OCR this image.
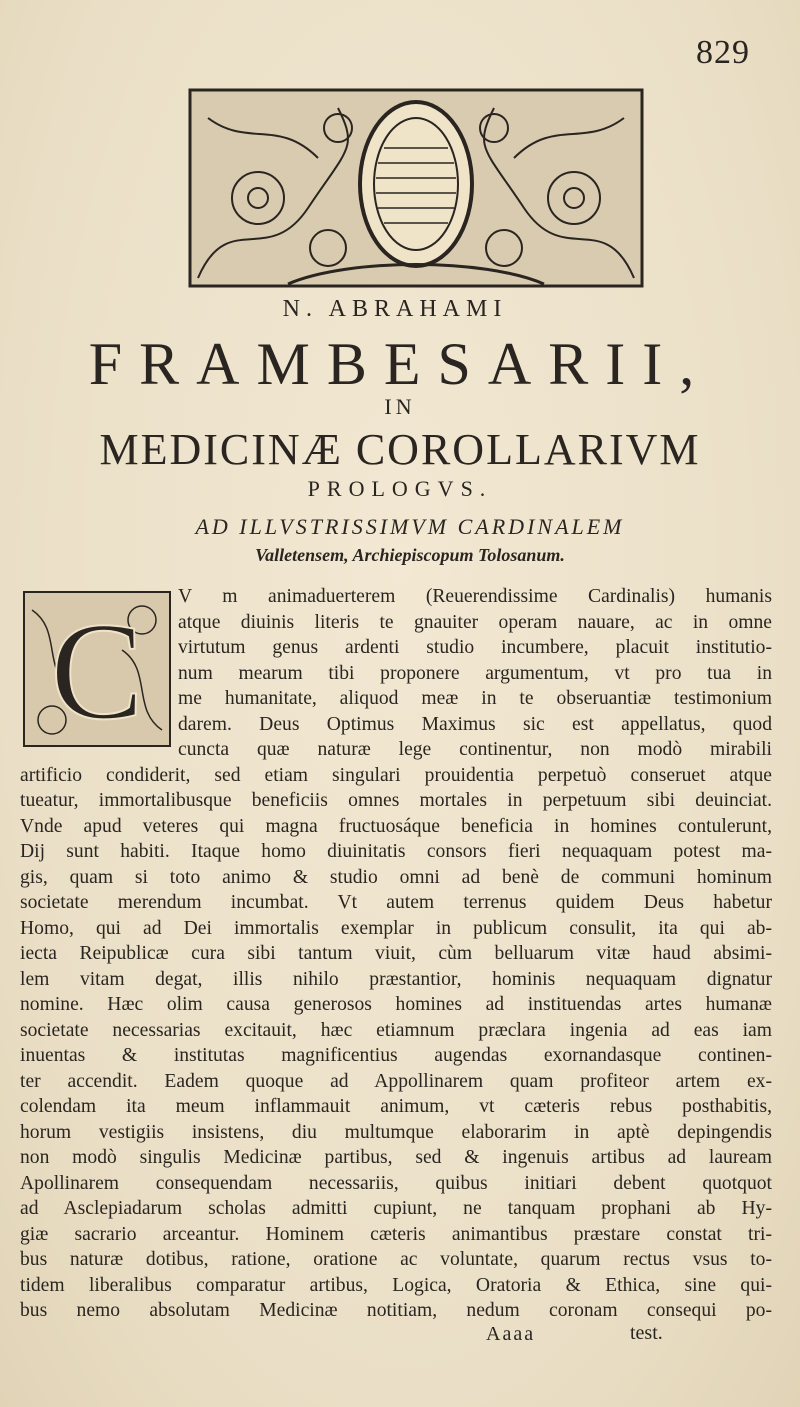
829
N. ABRAHAMI
FRAMBESARII,
IN
MEDICINÆ COROLLARIVM
PROLOGVS.
AD ILLVSTRISSIMVM CARDINALEM
Valletensem, Archiepiscopum Tolosanum.
C V m animaduerterem (Reuerendissime Cardinalis) humanis
atque diuinis literis te gnauiter operam nauare, ac in omne
virtutum genus ardenti studio incumbere, placuit institutio-
num mearum tibi proponere argumentum, vt pro tua in
me humanitate, aliquod meæ in te obseruantiæ testimonium
darem. Deus Optimus Maximus sic est appellatus, quod
cuncta quæ naturæ lege continentur, non modò mirabili
artificio condiderit, sed etiam singulari prouidentia perpetuò conseruet atque
tueatur, immortalibusque beneficiis omnes mortales in perpetuum sibi deuinciat.
Vnde apud veteres qui magna fructuosáque beneficia in homines contulerunt,
Dij sunt habiti. Itaque homo diuinitatis consors fieri nequaquam potest ma-
gis, quam si toto animo & studio omni ad benè de communi hominum
societate merendum incumbat. Vt autem terrenus quidem Deus habetur
Homo, qui ad Dei immortalis exemplar in publicum consulit, ita qui ab-
iecta Reipublicæ cura sibi tantum viuit, cùm belluarum vitæ haud absimi-
lem vitam degat, illis nihilo præstantior, hominis nequaquam dignatur
nomine. Hæc olim causa generosos homines ad instituendas artes humanæ
societate necessarias excitauit, hæc etiamnum præclara ingenia ad eas iam
inuentas & institutas magnificentius augendas exornandasque continen-
ter accendit. Eadem quoque ad Appollinarem quam profiteor artem ex-
colendam ita meum inflammauit animum, vt cæteris rebus posthabitis,
horum vestigiis insistens, diu multumque elaborarim in aptè depingendis
non modò singulis Medicinæ partibus, sed & ingenuis artibus ad lauream
Apollinarem consequendam necessariis, quibus initiari debent quotquot
ad Asclepiadarum scholas admitti cupiunt, ne tanquam prophani ab Hy-
giæ sacrario arceantur. Hominem cæteris animantibus præstare constat tri-
bus naturæ dotibus, ratione, oratione ac voluntate, quarum rectus vsus to-
tidem liberalibus comparatur artibus, Logica, Oratoria & Ethica, sine qui-
bus nemo absolutam Medicinæ notitiam, nedum coronam consequi po-
Aaaa	test.
